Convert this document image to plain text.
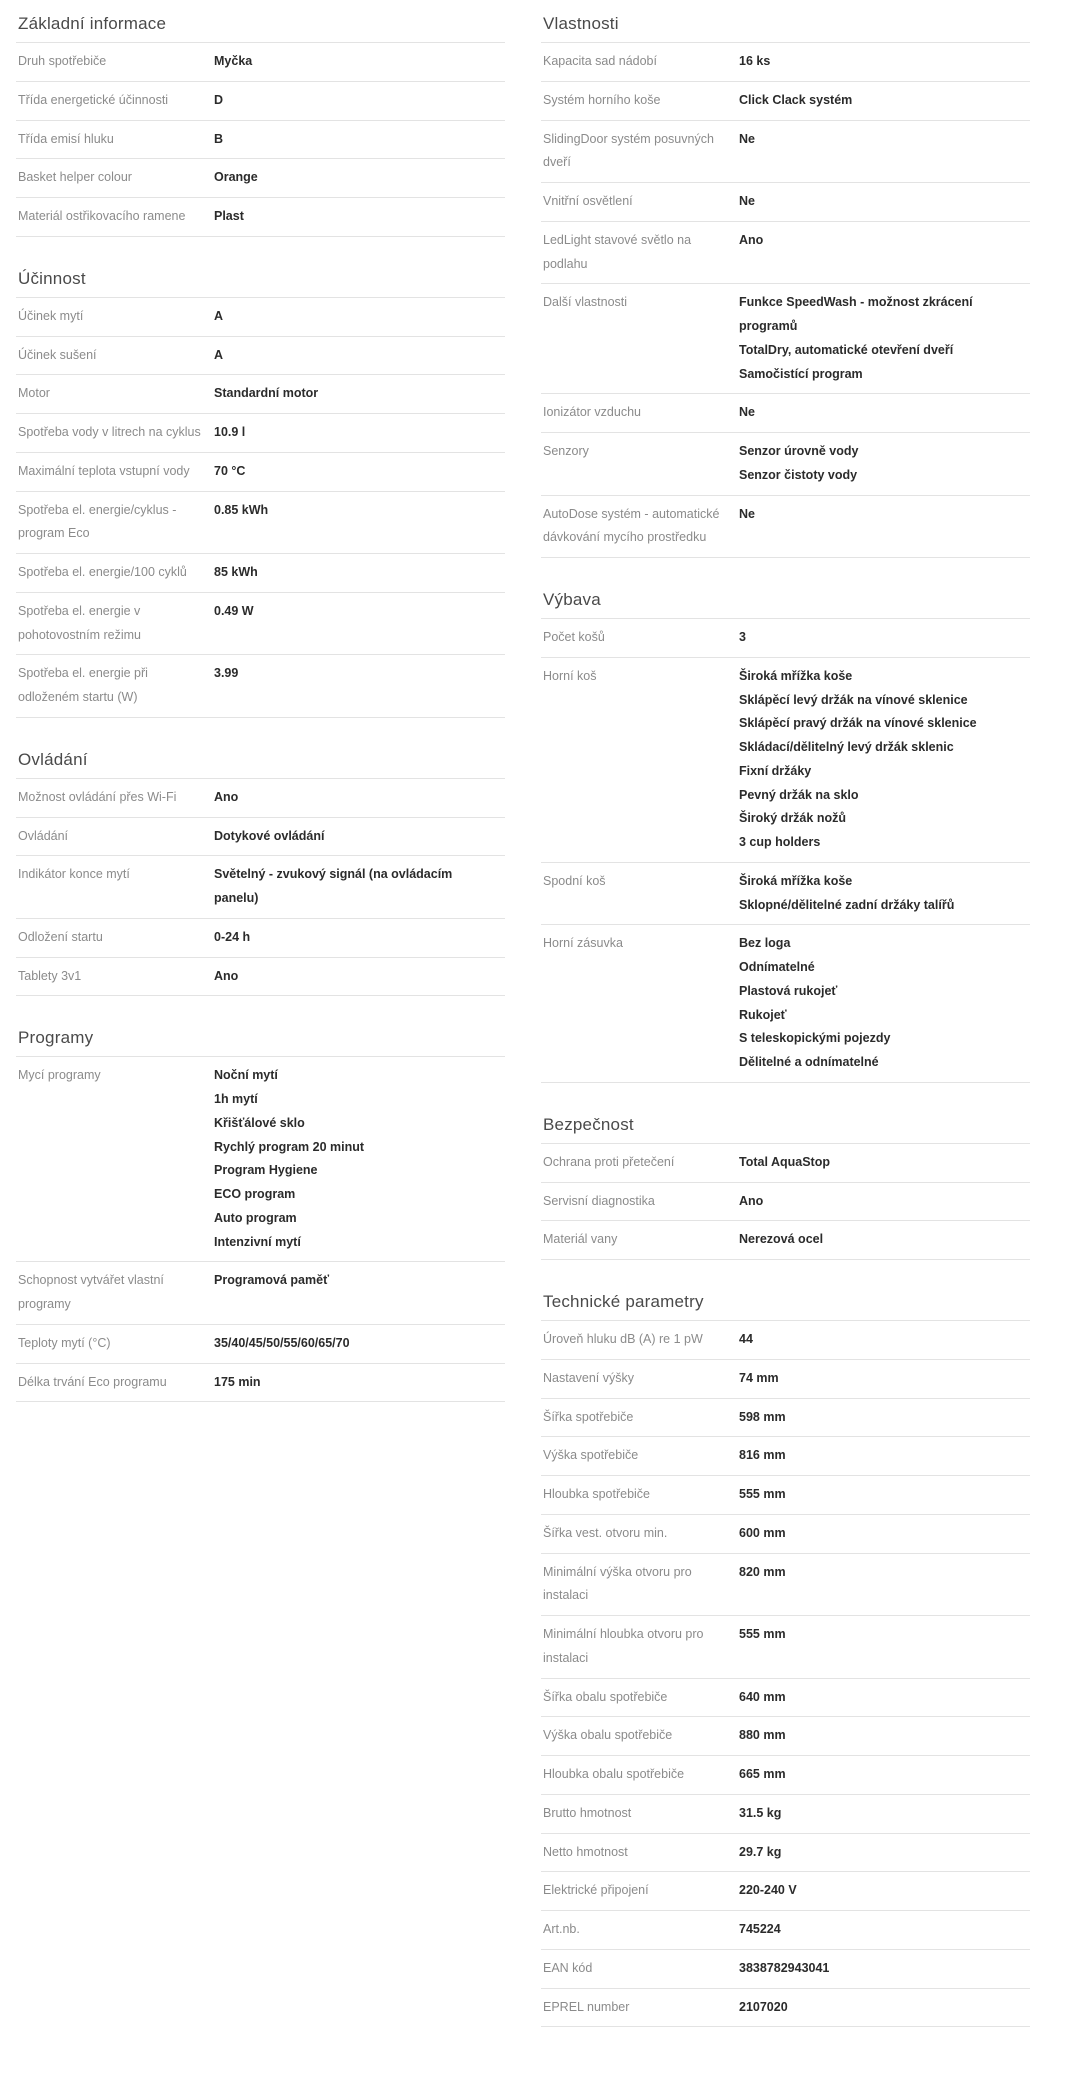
Základní informace
Druh spotřebiče	Myčka

Třída energetické účinnosti	D

Třída emisí hluku	B

Basket helper colour	Orange

Materiál ostřikovacího ramene	Plast
Účinnost
Účinek mytí	A

Účinek sušení	A

Motor	Standardní motor

Spotřeba vody v litrech na cyklus	10.9 l

Maximální teplota vstupní vody	70 °C

Spotřeba el. energie/cyklus - program Eco	0.85 kWh

Spotřeba el. energie/100 cyklů	85 kWh

Spotřeba el. energie v pohotovostním režimu	0.49 W

Spotřeba el. energie při odloženém startu (W)	3.99
Ovládání
Možnost ovládání přes Wi-Fi	Ano

Ovládání	Dotykové ovládání

Indikátor konce mytí	Světelný - zvukový signál (na ovládacím panelu)

Odložení startu	0-24 h

Tablety 3v1	Ano
Programy
Mycí programy	Noční mytí
1h mytí
Křišťálové sklo
Rychlý program 20 minut
Program Hygiene
ECO program
Auto program
Intenzivní mytí

Schopnost vytvářet vlastní programy	Programová paměť

Teploty mytí (°C)	35/40/45/50/55/60/65/70

Délka trvání Eco programu	175 min
Vlastnosti
Kapacita sad nádobí	16 ks

Systém horního koše	Click Clack systém

SlidingDoor systém posuvných dveří	Ne

Vnitřní osvětlení	Ne

LedLight stavové světlo na podlahu	Ano

Další vlastnosti	Funkce SpeedWash - možnost zkrácení programů
TotalDry, automatické otevření dveří
Samočistící program

Ionizátor vzduchu	Ne

Senzory	Senzor úrovně vody
Senzor čistoty vody

AutoDose systém - automatické dávkování mycího prostředku	Ne
Výbava
Počet košů	3

Horní koš	Široká mřížka koše
Sklápěcí levý držák na vínové sklenice
Sklápěcí pravý držák na vínové sklenice
Skládací/dělitelný levý držák sklenic
Fixní držáky
Pevný držák na sklo
Široký držák nožů
3 cup holders

Spodní koš	Široká mřížka koše
Sklopné/dělitelné zadní držáky talířů

Horní zásuvka	Bez loga
Odnímatelné
Plastová rukojeť
Rukojeť
S teleskopickými pojezdy
Dělitelné a odnímatelné
Bezpečnost
Ochrana proti přetečení	Total AquaStop

Servisní diagnostika	Ano

Materiál vany	Nerezová ocel
Technické parametry
Úroveň hluku dB (A) re 1 pW	44

Nastavení výšky	74 mm

Šířka spotřebiče	598 mm

Výška spotřebiče	816 mm

Hloubka spotřebiče	555 mm

Šířka vest. otvoru min.	600 mm

Minimální výška otvoru pro instalaci	820 mm

Minimální hloubka otvoru pro instalaci	555 mm

Šířka obalu spotřebiče	640 mm

Výška obalu spotřebiče	880 mm

Hloubka obalu spotřebiče	665 mm

Brutto hmotnost	31.5 kg

Netto hmotnost	29.7 kg

Elektrické připojení	220-240 V

Art.nb.	745224

EAN kód	3838782943041

EPREL number	2107020
